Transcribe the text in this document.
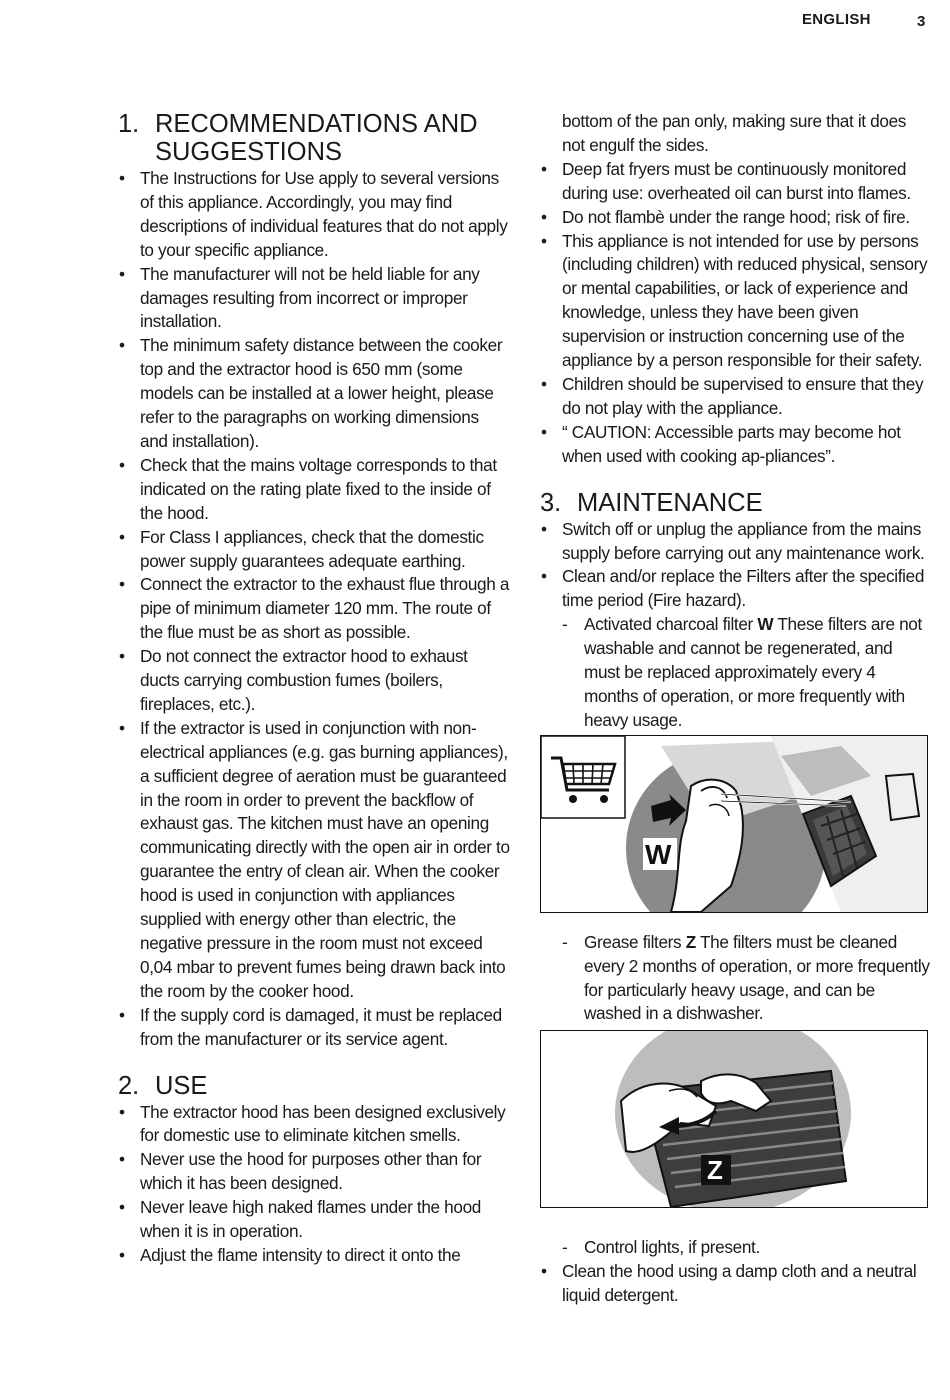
ENGLISH	3
1. RECOMMENDATIONS AND
SUGGESTIONS
• The Instructions for Use apply to several versions of this appliance. Accordingly, you may find descriptions of individual features that do not apply to your specific appliance.
• The manufacturer will not be held liable for any damages resulting from incorrect or improper installation.
• The minimum safety distance between the cooker top and the extractor hood is 650 mm (some models can be installed at a lower height, please refer to the paragraphs on working dimensions and installation).
• Check that the mains voltage corresponds to that indicated on the rating plate fixed to the inside of the hood.
• For Class I appliances, check that the domestic power supply guarantees adequate earthing.
• Connect the extractor to the exhaust flue through a pipe of minimum diameter 120 mm. The route of the flue must be as short as possible.
• Do not connect the extractor hood to exhaust ducts carrying combustion fumes (boilers, fireplaces, etc.).
• If the extractor is used in conjunction with non-electrical appliances (e.g. gas burning appliances), a sufficient degree of aeration must be guaranteed in the room in order to prevent the backflow of exhaust gas. The kitchen must have an opening communicating directly with the open air in order to guarantee the entry of clean air. When the cooker hood is used in conjunction with appliances supplied with energy other than electric, the negative pressure in the room must not exceed 0,04 mbar to prevent fumes being drawn back into the room by the cooker hood.
• If the supply cord is damaged, it must be replaced from the manufacturer or its service agent.
2. USE
• The extractor hood has been designed exclusively for domestic use to eliminate kitchen smells.
• Never use the hood for purposes other than for which it has been designed.
• Never leave high naked flames under the hood when it is in operation.
• Adjust the flame intensity to direct it onto the
bottom of the pan only, making sure that it does not engulf the sides.
• Deep fat fryers must be continuously monitored during use: overheated oil can burst into flames.
• Do not flambè under the range hood; risk of fire.
• This appliance is not intended for use by persons (including children) with reduced physical, sensory or mental capabilities, or lack of experience and knowledge, unless they have been given supervision or instruction concerning use of the appliance by a person responsible for their safety.
• Children should be supervised to ensure that they do not play with the appliance.
• “ CAUTION: Accessible parts may become hot when used with cooking ap-pliances”.
3. MAINTENANCE
• Switch off or unplug the appliance from the mains supply before carrying out any maintenance work.
• Clean and/or replace the Filters after the specified time period (Fire hazard).
- Activated charcoal filter W These filters are not washable and cannot be regenerated, and must be replaced approximately every 4 months of operation, or more frequently with heavy usage.
W
- Grease filters Z The filters must be cleaned every 2 months of operation, or more frequently for particularly heavy usage, and can be washed in a dishwasher.
Z
- Control lights, if present.
• Clean the hood using a damp cloth and a neutral liquid detergent.
